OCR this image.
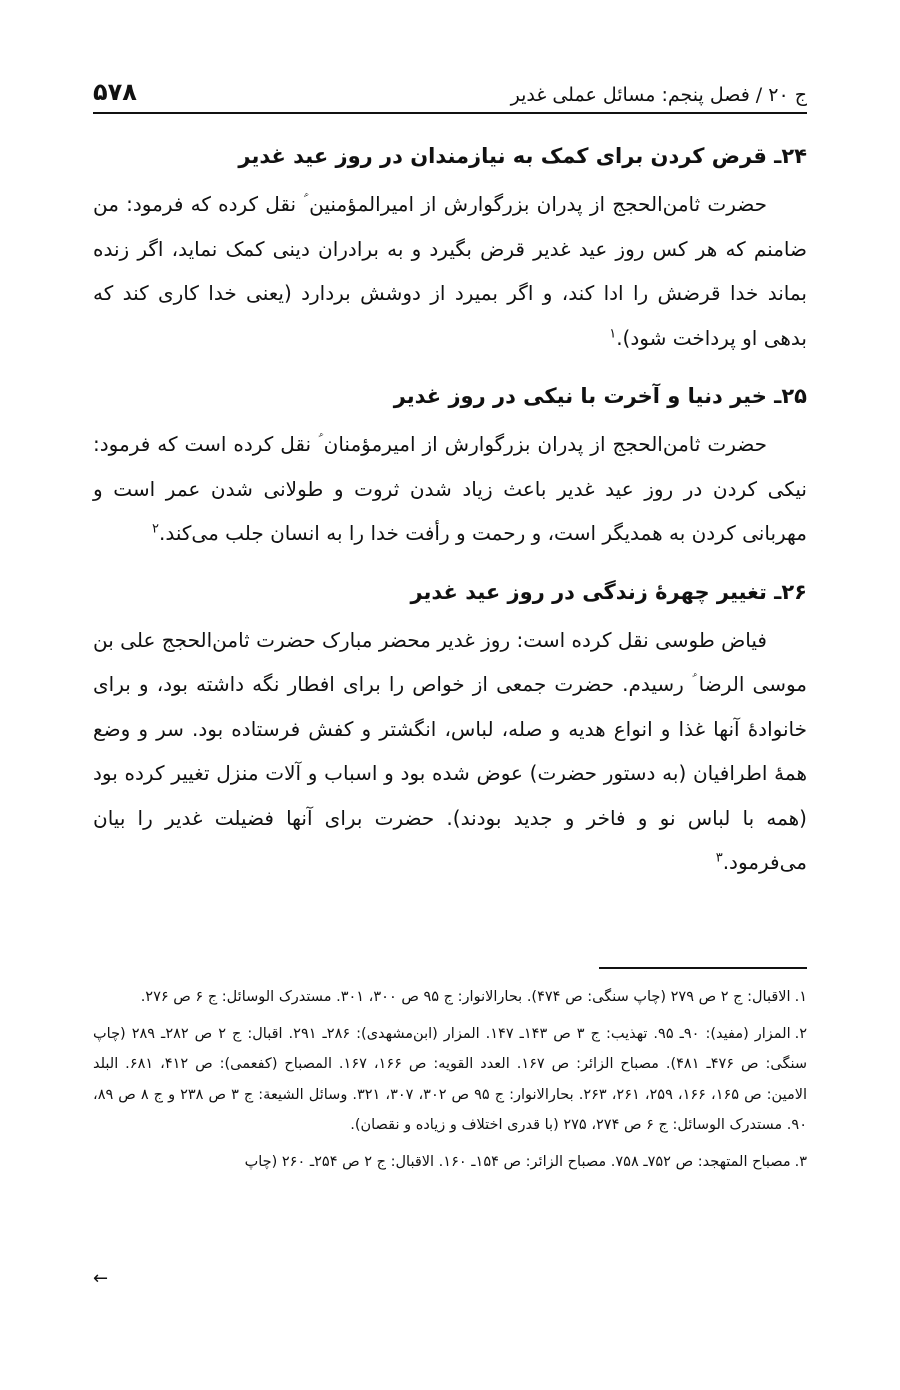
ج ۲۰ / فصل پنجم: مسائل عملی غدیر
۵۷۸
۲۴ـ قرض کردن برای کمک به نیازمندان در روز عید غدیر

حضرت ثامن‌الحجج از پدران بزرگوارش از امیرالمؤمنین ؑ نقل کرده که فرمود: من ضامنم که هر کس روز عید غدیر قرض بگیرد و به برادران دینی کمک نماید، اگر زنده بماند خدا قرضش را ادا کند، و اگر بمیرد از دوشش بردارد (یعنی خدا کاری کند که بدهی او پرداخت شود).$^۱$

۲۵ـ خیر دنیا و آخرت با نیکی در روز غدیر

حضرت ثامن‌الحجج از پدران بزرگوارش از امیرمؤمنان ؑ نقل کرده است که فرمود: نیکی کردن در روز عید غدیر باعث زیاد شدن ثروت و طولانی شدن عمر است و مهربانی کردن به همدیگر است، و رحمت و رأفت خدا را به انسان جلب می‌کند.$^۲$

۲۶ـ تغییر چهرهٔ زندگی در روز عید غدیر

فیاض طوسی نقل کرده است: روز غدیر محضر مبارک حضرت ثامن‌الحجج علی بن موسی الرضا ؑ رسیدم. حضرت جمعی از خواص را برای افطار نگه داشته بود، و برای خانوادهٔ آنها غذا و انواع هدیه و صله، لباس، انگشتر و کفش فرستاده بود. سر و وضع همهٔ اطرافیان (به دستور حضرت) عوض شده بود و اسباب و آلات منزل تغییر کرده بود (همه با لباس نو و فاخر و جدید بودند). حضرت برای آنها فضیلت غدیر را بیان می‌فرمود.$^۳$

۱.الاقبال: ج ۲ ص ۲۷۹ (چاپ سنگی: ص ۴۷۴). بحارالانوار: ج ۹۵ ص ۳۰۰، ۳۰۱. مستدرک الوسائل: ج ۶ ص ۲۷۶.

۲.المزار (مفید): ۹۰ـ ۹۵. تهذیب: ج ۳ ص ۱۴۳ـ ۱۴۷. المزار (ابن‌مشهدی): ۲۸۶ـ ۲۹۱. اقبال: ج ۲ ص ۲۸۲ـ ۲۸۹ (چاپ سنگی: ص ۴۷۶ـ ۴۸۱). مصباح الزائر: ص ۱۶۷. العدد القویه: ص ۱۶۶، ۱۶۷. المصباح (کفعمی): ص ۴۱۲، ۶۸۱. البلد الامین: ص ۱۶۵، ۱۶۶، ۲۵۹، ۲۶۱، ۲۶۳. بحارالانوار: ج ۹۵ ص ۳۰۲، ۳۰۷، ۳۲۱. وسائل الشیعة: ج ۳ ص ۲۳۸ و ج ۸ ص ۸۹، ۹۰. مستدرک الوسائل: ج ۶ ص ۲۷۴، ۲۷۵ (با قدری اختلاف و زیاده و نقصان).

۳.مصباح المتهجد: ص ۷۵۲ـ ۷۵۸. مصباح الزائر: ص ۱۵۴ـ ۱۶۰. الاقبال: ج ۲ ص ۲۵۴ـ ۲۶۰ (چاپ

←
